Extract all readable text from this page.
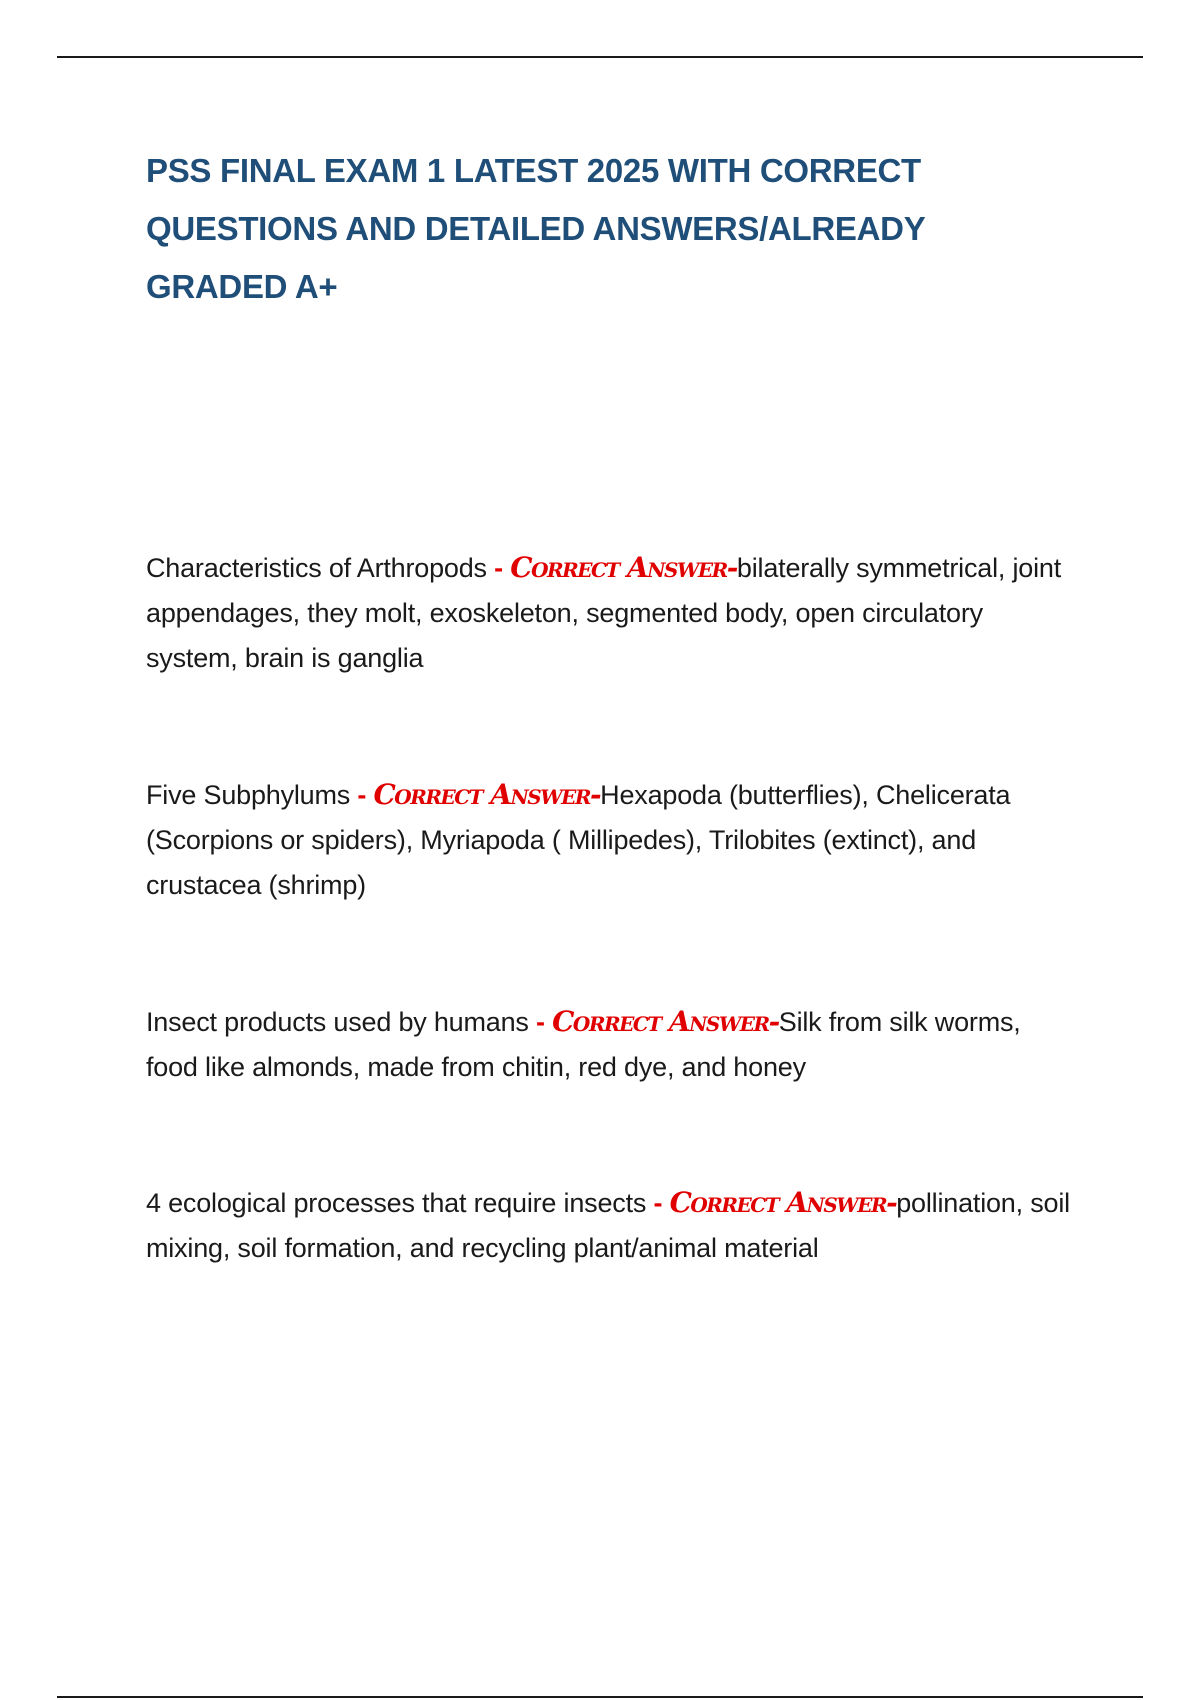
PSS FINAL EXAM 1 LATEST 2025 WITH CORRECT QUESTIONS AND DETAILED ANSWERS/ALREADY GRADED A+

Characteristics of Arthropods - Correct Answer-bilaterally symmetrical, joint appendages, they molt, exoskeleton, segmented body, open circulatory system, brain is ganglia

Five Subphylums - Correct Answer-Hexapoda (butterflies), Chelicerata (Scorpions or spiders), Myriapoda ( Millipedes), Trilobites (extinct), and crustacea (shrimp)

Insect products used by humans - Correct Answer-Silk from silk worms, food like almonds, made from chitin, red dye, and honey

4 ecological processes that require insects - Correct Answer-pollination, soil mixing, soil formation, and recycling plant/animal material
